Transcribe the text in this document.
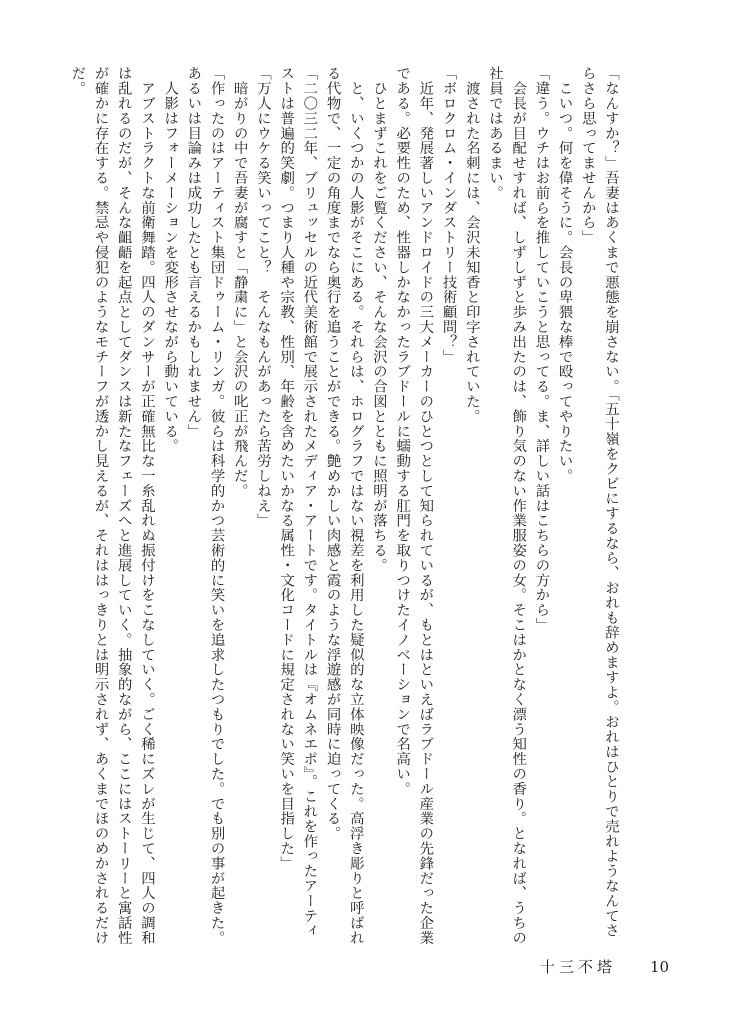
「なんすか？」吾妻はあくまで悪態を崩さない。「五十嶺をクビにするなら、おれも辞めますよ。おれはひとりで売れようなんてさらさら思ってませんから」

　こいつ。何を偉そうに。会長の卑猥な棒で殴ってやりたい。

「違う。ウチはお前らを推していこうと思ってる。ま、詳しい話はこちらの方から」

　会長が目配せすれば、しずしずと歩み出たのは、飾り気のない作業服姿の女。そこはかとなく漂う知性の香り。となれば、うちの社員ではあるまい。

　渡された名刺には、会沢未知香と印字されていた。

「ボロクロム・インダストリー技術顧問？」

　近年、発展著しいアンドロイドの三大メーカーのひとつとして知られているが、もとはといえばラブドール産業の先鋒だった企業である。必要性のため、性器しかなかったラブドールに蠕動する肛門を取りつけたイノベーションで名高い。

　ひとまずこれをご覧ください、そんな会沢の合図とともに照明が落ちる。

　と、いくつかの人影がそこにある。それらは、ホログラフではない視差を利用した疑似的な立体映像だった。高浮き彫りと呼ばれる代物で、一定の角度までなら奥行を追うことができる。艶めかしい肉感と霞のような浮遊感が同時に迫ってくる。

「二〇三二年、ブリュッセルの近代美術館で展示されたメディア・アートです。タイトルは『オムネエポ』。これを作ったアーティストは普遍的笑劇。つまり人種や宗教、性別、年齢を含めたいかなる属性・文化コードに規定されない笑いを目指した」

「万人にウケる笑いってこと？　そんなもんがあったら苦労しねえ」

　暗がりの中で吾妻が腐すと「静粛に」と会沢の叱正が飛んだ。

「作ったのはアーティスト集団ドゥーム・リンガ。彼らは科学的かつ芸術的に笑いを追求したつもりでした。でも別の事が起きた。あるいは目論みは成功したとも言えるかもしれません」

　人影はフォーメーションを変形させながら動いている。

　アブストラクトな前衛舞踏。四人のダンサーが正確無比な一糸乱れぬ振付けをこなしていく。ごく稀にズレが生じて、四人の調和は乱れるのだが、そんな齟齬を起点としてダンスは新たなフェーズへと進展していく。抽象的ながら、ここにはストーリーと寓話性が確かに存在する。禁忌や侵犯のようなモチーフが透かし見えるが、それははっきりとは明示されず、あくまでほのめかされるだけだ。

十三不塔 10
